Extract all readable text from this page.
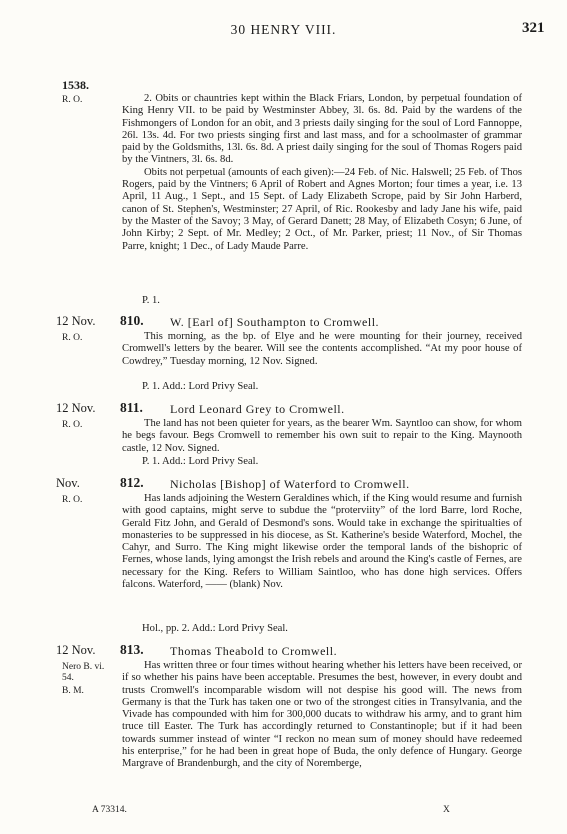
30 HENRY VIII.	321
1538.
R. O.	2. Obits or chauntries kept within the Black Friars, London, by perpetual foundation of King Henry VII. to be paid by Westminster Abbey, 3l. 6s. 8d. Paid by the wardens of the Fishmongers of London for an obit, and 3 priests daily singing for the soul of Lord Fannoppe, 26l. 13s. 4d. For two priests singing first and last mass, and for a schoolmaster of grammar paid by the Goldsmiths, 13l. 6s. 8d. A priest daily singing for the soul of Thomas Rogers paid by the Vintners, 3l. 6s. 8d.

Obits not perpetual (amounts of each given):—24 Feb. of Nic. Halswell; 25 Feb. of Thos Rogers, paid by the Vintners; 6 April of Robert and Agnes Morton; four times a year, i.e. 13 April, 11 Aug., 1 Sept., and 15 Sept. of Lady Elizabeth Scrope, paid by Sir John Harberd, canon of St. Stephen's, Westminster; 27 April, of Ric. Rookesby and lady Jane his wife, paid by the Master of the Savoy; 3 May, of Gerard Danett; 28 May, of Elizabeth Cosyn; 6 June, of John Kirby; 2 Sept. of Mr. Medley; 2 Oct., of Mr. Parker, priest; 11 Nov., of Sir Thomas Parre, knight; 1 Dec., of Lady Maude Parre.

P. 1.
12 Nov. 810. W. [Earl of] Southampton to Cromwell.
R. O.	This morning, as the bp. of Elye and he were mounting for their journey, received Cromwell's letters by the bearer. Will see the contents accomplished. “At my poor house of Cowdrey,” Tuesday morning, 12 Nov. Signed.

P. 1. Add.: Lord Privy Seal.
12 Nov. 811. Lord Leonard Grey to Cromwell.
R. O.	The land has not been quieter for years, as the bearer Wm. Sayntloo can show, for whom he begs favour. Begs Cromwell to remember his own suit to repair to the King. Maynooth castle, 12 Nov. Signed.

P. 1. Add.: Lord Privy Seal.
Nov.	812. Nicholas [Bishop] of Waterford to Cromwell.
R. O.	Has lands adjoining the Western Geraldines which, if the King would resume and furnish with good captains, might serve to subdue the “proterviity” of the lord Barre, lord Roche, Gerald Fitz John, and Gerald of Desmond's sons. Would take in exchange the spiritualties of monasteries to be suppressed in his diocese, as St. Katherine's beside Waterford, Mochel, the Cahyr, and Surro. The King might likewise order the temporal lands of the bishopric of Fernes, whose lands, lying amongst the Irish rebels and around the King's castle of Fernes, are necessary for the King. Refers to William Saintloo, who has done high services. Offers falcons. Waterford, —— (blank) Nov.

Hol., pp. 2. Add.: Lord Privy Seal.
12 Nov. 813. Thomas Theabold to Cromwell.
Nero B. vi. 54.
B. M.

Has written three or four times without hearing whether his letters have been received, or if so whether his pains have been acceptable. Presumes the best, however, in every doubt and trusts Cromwell's incomparable wisdom will not despise his good will. The news from Germany is that the Turk has taken one or two of the strongest cities in Transylvania, and the Vivade has compounded with him for 300,000 ducats to withdraw his army, and to grant him truce till Easter. The Turk has accordingly returned to Constantinople; but if it had been towards summer instead of winter “I reckon no mean sum of money should have redeemed his enterprise,” for he had been in great hope of Buda, the only defence of Hungary. George Margrave of Brandenburgh, and the city of Noremberge,

A 73314.	X
